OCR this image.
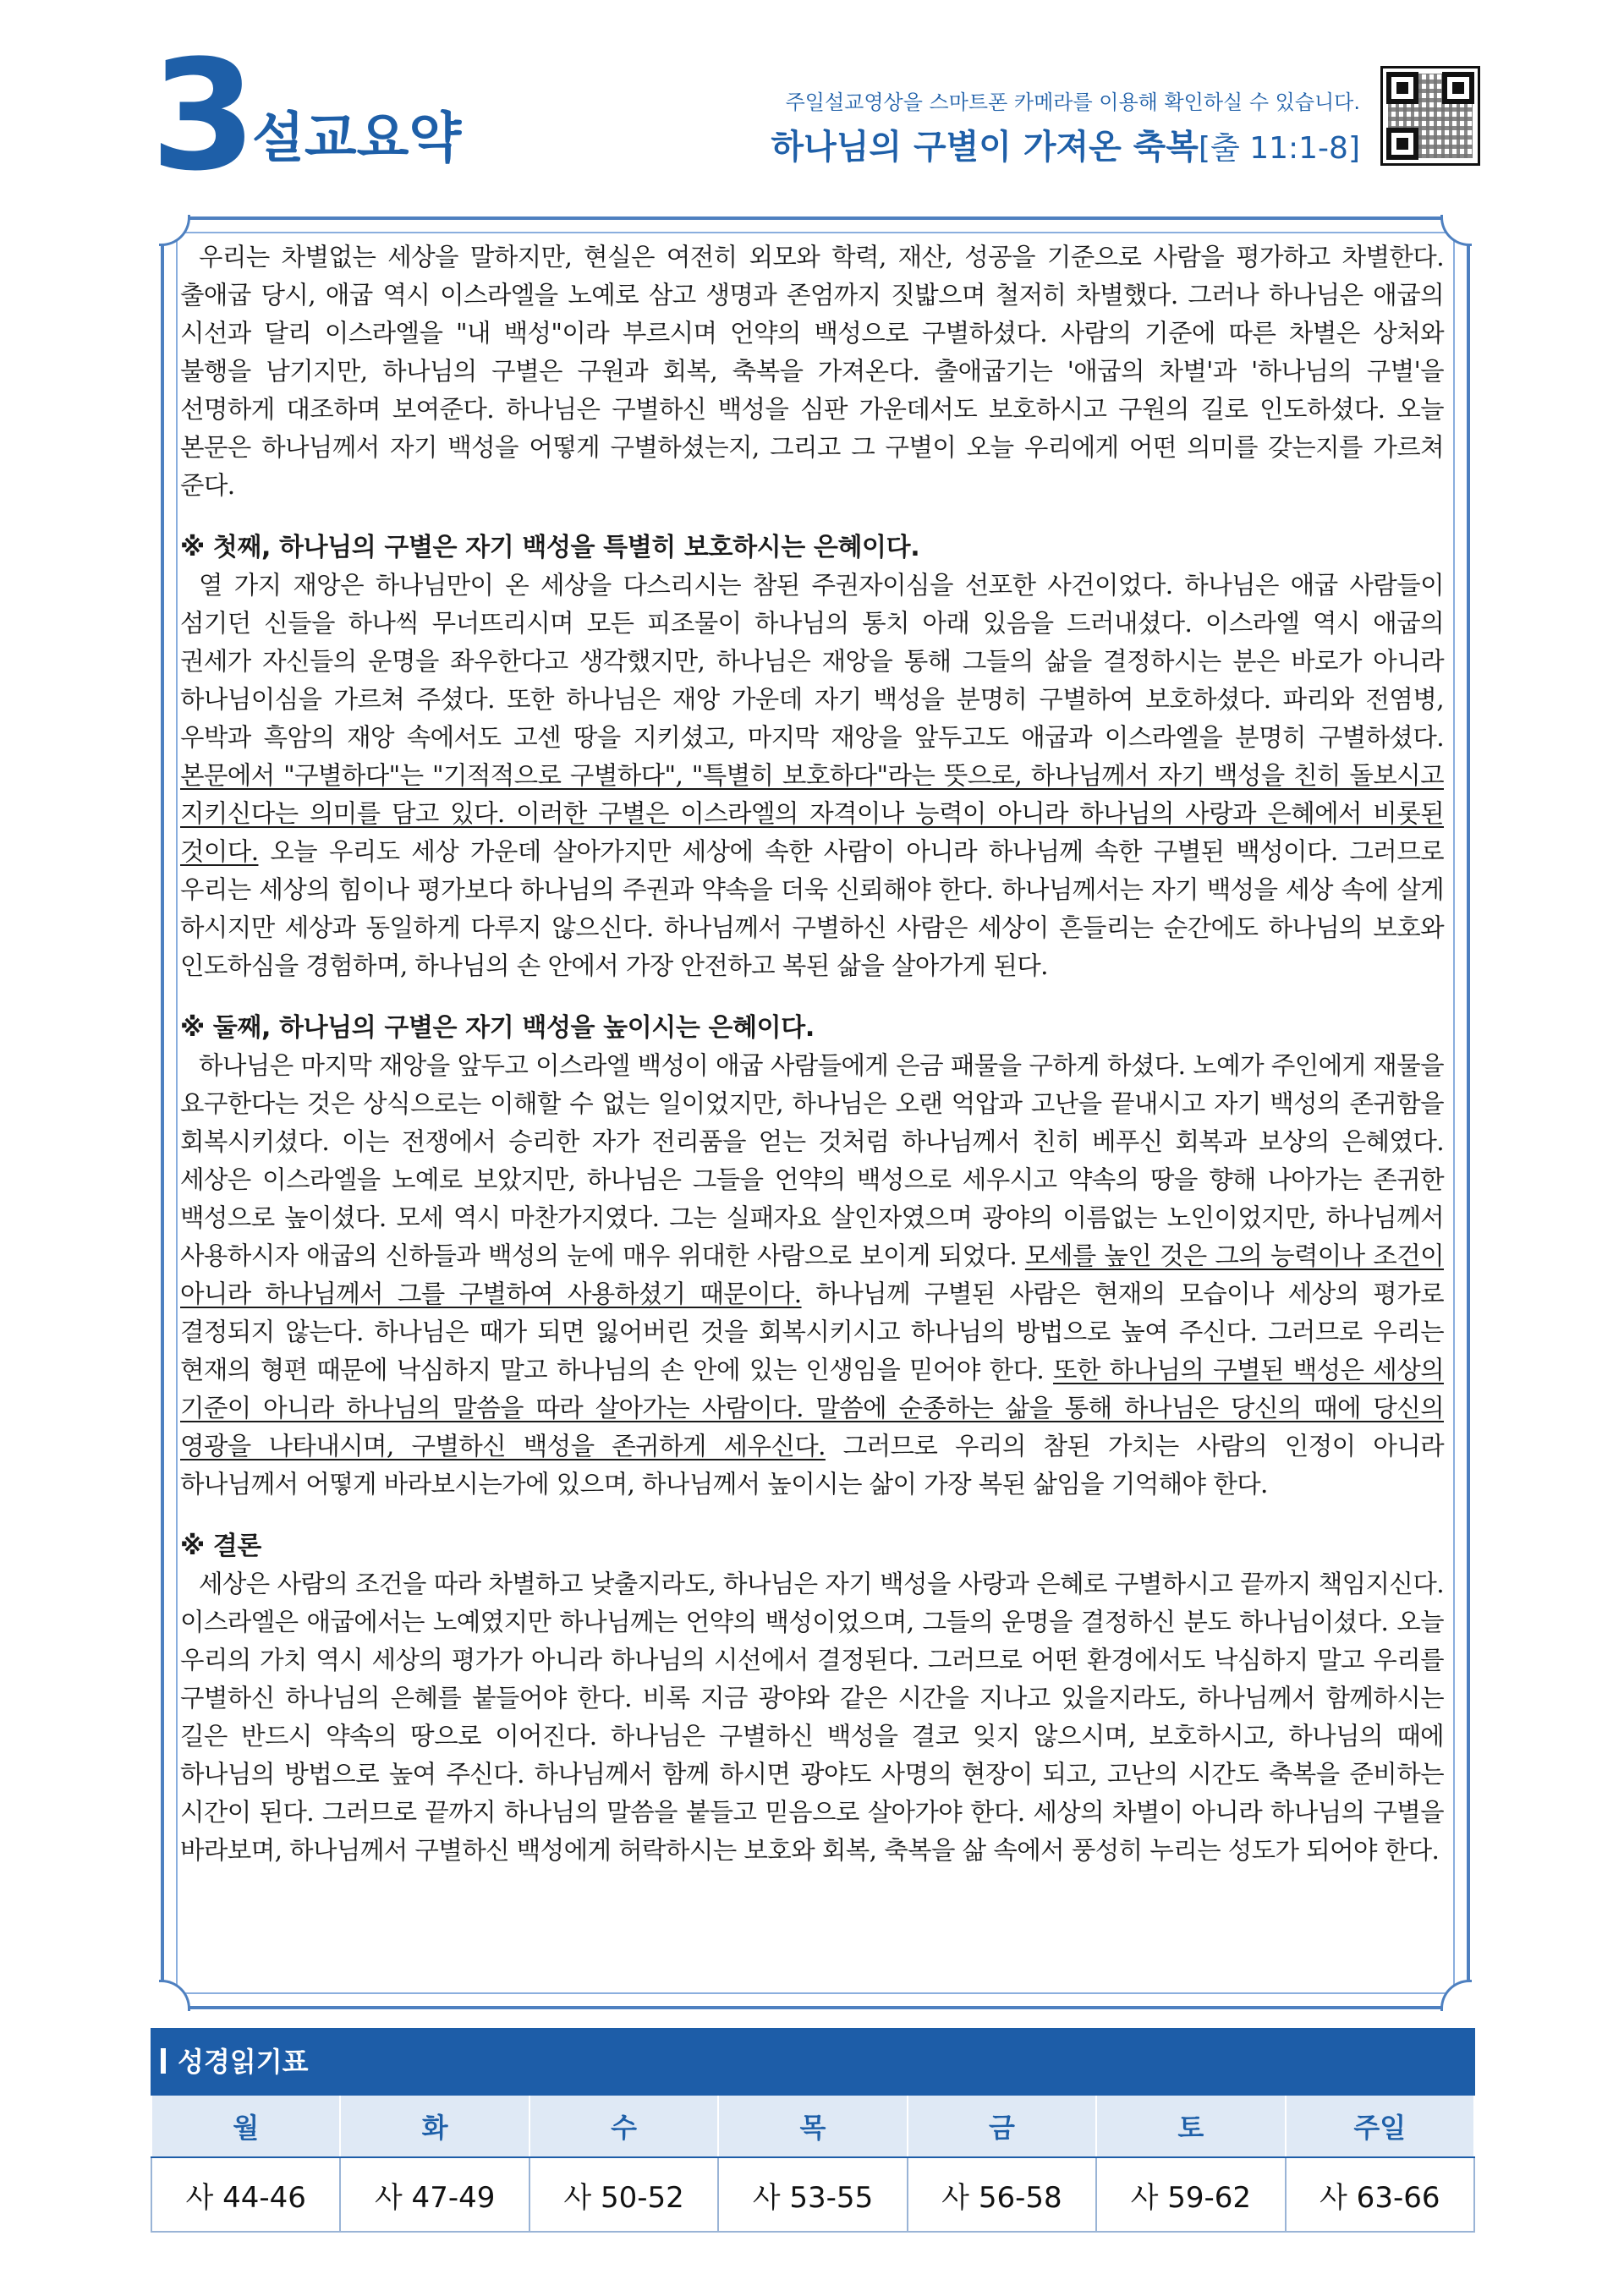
3
설교요약
주일설교영상을 스마트폰 카메라를 이용해 확인하실 수 있습니다.
하나님의 구별이 가져온 축복[출 11:1-8]

우리는 차별없는 세상을 말하지만, 현실은 여전히 외모와 학력, 재산, 성공을 기준으로 사람을 평가하고 차별한다. 출애굽 당시, 애굽 역시 이스라엘을 노예로 삼고 생명과 존엄까지 짓밟으며 철저히 차별했다. 그러나 하나님은 애굽의 시선과 달리 이스라엘을 "내 백성"이라 부르시며 언약의 백성으로 구별하셨다. 사람의 기준에 따른 차별은 상처와 불행을 남기지만, 하나님의 구별은 구원과 회복, 축복을 가져온다. 출애굽기는 '애굽의 차별'과 '하나님의 구별'을 선명하게 대조하며 보여준다. 하나님은 구별하신 백성을 심판 가운데서도 보호하시고 구원의 길로 인도하셨다. 오늘 본문은 하나님께서 자기 백성을 어떻게 구별하셨는지, 그리고 그 구별이 오늘 우리에게 어떤 의미를 갖는지를 가르쳐 준다.

※ 첫째, 하나님의 구별은 자기 백성을 특별히 보호하시는 은혜이다.

열 가지 재앙은 하나님만이 온 세상을 다스리시는 참된 주권자이심을 선포한 사건이었다. 하나님은 애굽 사람들이 섬기던 신들을 하나씩 무너뜨리시며 모든 피조물이 하나님의 통치 아래 있음을 드러내셨다. 이스라엘 역시 애굽의 권세가 자신들의 운명을 좌우한다고 생각했지만, 하나님은 재앙을 통해 그들의 삶을 결정하시는 분은 바로가 아니라 하나님이심을 가르쳐 주셨다. 또한 하나님은 재앙 가운데 자기 백성을 분명히 구별하여 보호하셨다. 파리와 전염병, 우박과 흑암의 재앙 속에서도 고센 땅을 지키셨고, 마지막 재앙을 앞두고도 애굽과 이스라엘을 분명히 구별하셨다. 본문에서 "구별하다"는 "기적적으로 구별하다", "특별히 보호하다"라는 뜻으로, 하나님께서 자기 백성을 친히 돌보시고 지키신다는 의미를 담고 있다. 이러한 구별은 이스라엘의 자격이나 능력이 아니라 하나님의 사랑과 은혜에서 비롯된 것이다. 오늘 우리도 세상 가운데 살아가지만 세상에 속한 사람이 아니라 하나님께 속한 구별된 백성이다. 그러므로 우리는 세상의 힘이나 평가보다 하나님의 주권과 약속을 더욱 신뢰해야 한다. 하나님께서는 자기 백성을 세상 속에 살게 하시지만 세상과 동일하게 다루지 않으신다. 하나님께서 구별하신 사람은 세상이 흔들리는 순간에도 하나님의 보호와 인도하심을 경험하며, 하나님의 손 안에서 가장 안전하고 복된 삶을 살아가게 된다.

※ 둘째, 하나님의 구별은 자기 백성을 높이시는 은혜이다.

하나님은 마지막 재앙을 앞두고 이스라엘 백성이 애굽 사람들에게 은금 패물을 구하게 하셨다. 노예가 주인에게 재물을 요구한다는 것은 상식으로는 이해할 수 없는 일이었지만, 하나님은 오랜 억압과 고난을 끝내시고 자기 백성의 존귀함을 회복시키셨다. 이는 전쟁에서 승리한 자가 전리품을 얻는 것처럼 하나님께서 친히 베푸신 회복과 보상의 은혜였다. 세상은 이스라엘을 노예로 보았지만, 하나님은 그들을 언약의 백성으로 세우시고 약속의 땅을 향해 나아가는 존귀한 백성으로 높이셨다. 모세 역시 마찬가지였다. 그는 실패자요 살인자였으며 광야의 이름없는 노인이었지만, 하나님께서 사용하시자 애굽의 신하들과 백성의 눈에 매우 위대한 사람으로 보이게 되었다. 모세를 높인 것은 그의 능력이나 조건이 아니라 하나님께서 그를 구별하여 사용하셨기 때문이다. 하나님께 구별된 사람은 현재의 모습이나 세상의 평가로 결정되지 않는다. 하나님은 때가 되면 잃어버린 것을 회복시키시고 하나님의 방법으로 높여 주신다. 그러므로 우리는 현재의 형편 때문에 낙심하지 말고 하나님의 손 안에 있는 인생임을 믿어야 한다. 또한 하나님의 구별된 백성은 세상의 기준이 아니라 하나님의 말씀을 따라 살아가는 사람이다. 말씀에 순종하는 삶을 통해 하나님은 당신의 때에 당신의 영광을 나타내시며, 구별하신 백성을 존귀하게 세우신다. 그러므로 우리의 참된 가치는 사람의 인정이 아니라 하나님께서 어떻게 바라보시는가에 있으며, 하나님께서 높이시는 삶이 가장 복된 삶임을 기억해야 한다.

※ 결론

세상은 사람의 조건을 따라 차별하고 낮출지라도, 하나님은 자기 백성을 사랑과 은혜로 구별하시고 끝까지 책임지신다. 이스라엘은 애굽에서는 노예였지만 하나님께는 언약의 백성이었으며, 그들의 운명을 결정하신 분도 하나님이셨다. 오늘 우리의 가치 역시 세상의 평가가 아니라 하나님의 시선에서 결정된다. 그러므로 어떤 환경에서도 낙심하지 말고 우리를 구별하신 하나님의 은혜를 붙들어야 한다. 비록 지금 광야와 같은 시간을 지나고 있을지라도, 하나님께서 함께하시는 길은 반드시 약속의 땅으로 이어진다. 하나님은 구별하신 백성을 결코 잊지 않으시며, 보호하시고, 하나님의 때에 하나님의 방법으로 높여 주신다. 하나님께서 함께 하시면 광야도 사명의 현장이 되고, 고난의 시간도 축복을 준비하는 시간이 된다. 그러므로 끝까지 하나님의 말씀을 붙들고 믿음으로 살아가야 한다. 세상의 차별이 아니라 하나님의 구별을 바라보며, 하나님께서 구별하신 백성에게 허락하시는 보호와 회복, 축복을 삶 속에서 풍성히 누리는 성도가 되어야 한다.

성경읽기표
월	화	수	목	금	토	주일
사 44-46	사 47-49	사 50-52	사 53-55	사 56-58	사 59-62	사 63-66
